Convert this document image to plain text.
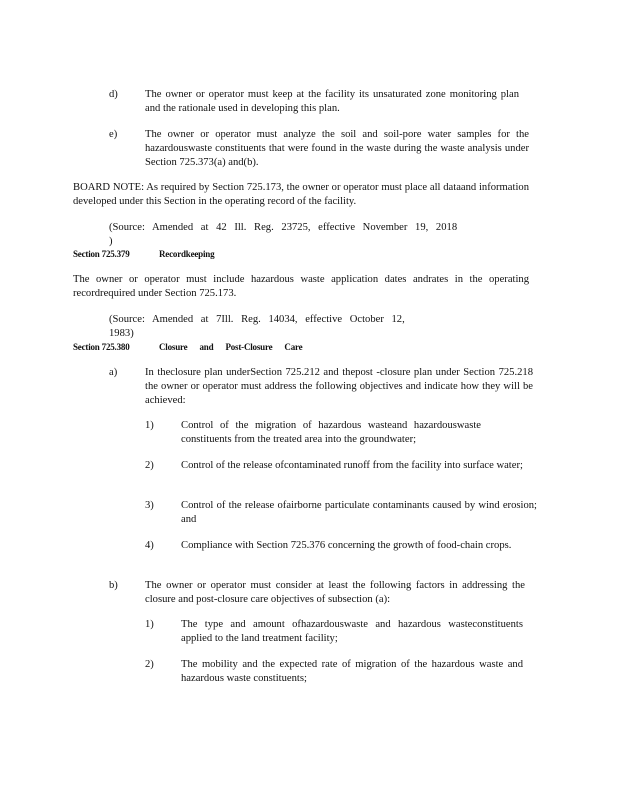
d)	The owner or operator must keep at the facility its unsaturated zone monitoring plan and the rationale used in developing this plan.
e)	The owner or operator must analyze the soil and soil-pore water samples for the hazardouswaste constituents that were found in the waste during the waste analysis under Section 725.373(a) and(b).
BOARD NOTE: As required by Section 725.173, the owner or operator must place all dataand information developed under this Section in the operating record of the facility.
(Source: Amended at 42 Ill. Reg. 23725, effective November 19, 2018 )
Section 725.379	Recordkeeping
The owner or operator must include hazardous waste application dates andrates in the operating recordrequired under Section 725.173.
(Source: Amended at 7Ill. Reg. 14034, effective October 12, 1983)
Section 725.380	Closure and Post-Closure Care
a)	In theclosure plan underSection 725.212 and thepost -closure plan under Section 725.218 the owner or operator must address the following objectives and indicate how they will be achieved:
1)	Control of the migration of hazardous wasteand hazardouswaste constituents from the treated area into the groundwater;
2)	Control of the release ofcontaminated runoff from the facility into surface water;
3)	Control of the release ofairborne particulate contaminants caused by wind erosion; and
4)	Compliance with Section 725.376 concerning the growth of food-chain crops.
b)	The owner or operator must consider at least the following factors in addressing the closure and post-closure care objectives of subsection (a):
1)	The type and amount ofhazardouswaste and hazardous wasteconstituents applied to the land treatment facility;
2)	The mobility and the expected rate of migration of the hazardous waste and hazardous waste constituents;
